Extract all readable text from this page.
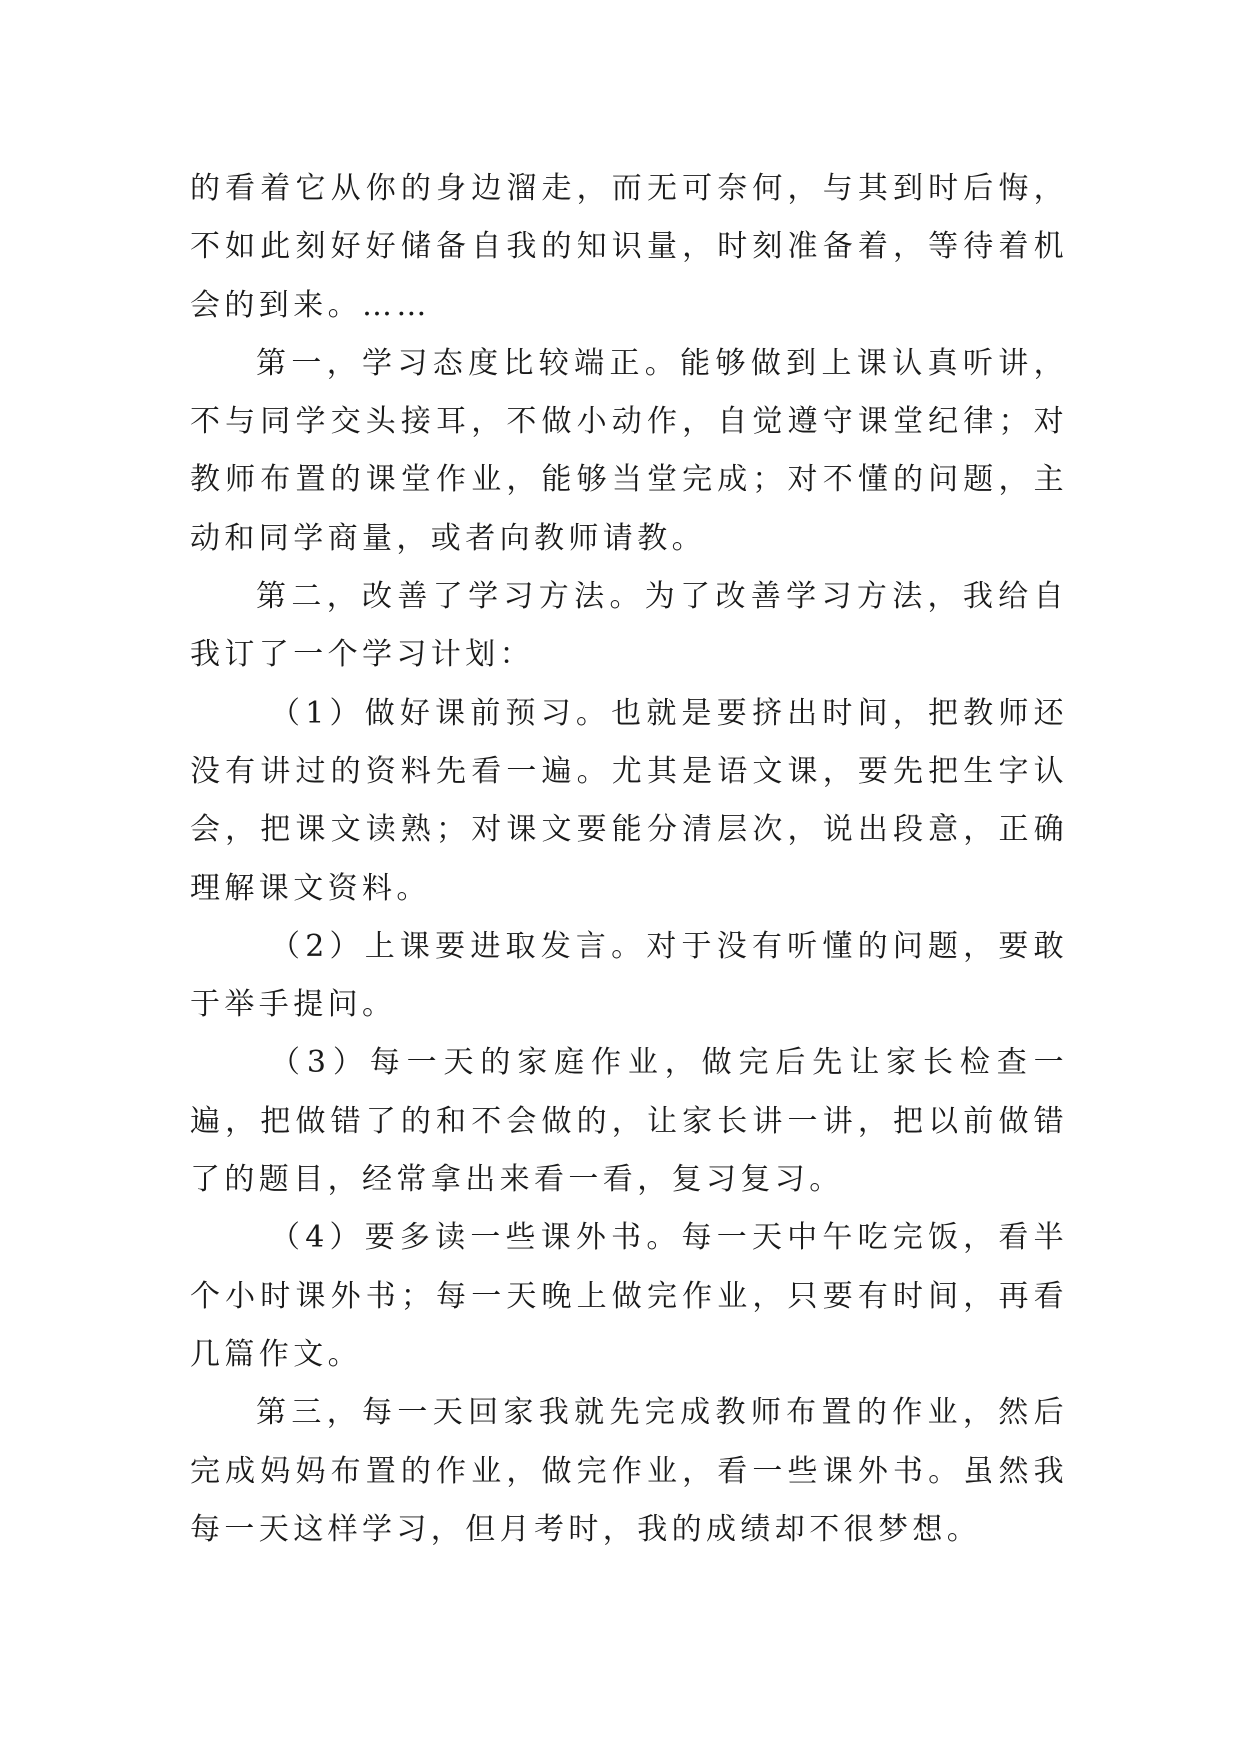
的看着它从你的身边溜走，而无可奈何，与其到时后悔，不如此刻好好储备自我的知识量，时刻准备着，等待着机会的到来。……

第一，学习态度比较端正。能够做到上课认真听讲，不与同学交头接耳，不做小动作，自觉遵守课堂纪律；对教师布置的课堂作业，能够当堂完成；对不懂的问题，主动和同学商量，或者向教师请教。

第二，改善了学习方法。为了改善学习方法，我给自我订了一个学习计划：

（1）做好课前预习。也就是要挤出时间，把教师还没有讲过的资料先看一遍。尤其是语文课，要先把生字认会，把课文读熟；对课文要能分清层次，说出段意，正确理解课文资料。

（2）上课要进取发言。对于没有听懂的问题，要敢于举手提问。

（3）每一天的家庭作业，做完后先让家长检查一遍，把做错了的和不会做的，让家长讲一讲，把以前做错了的题目，经常拿出来看一看，复习复习。

（4）要多读一些课外书。每一天中午吃完饭，看半个小时课外书；每一天晚上做完作业，只要有时间，再看几篇作文。

第三，每一天回家我就先完成教师布置的作业，然后完成妈妈布置的作业，做完作业，看一些课外书。虽然我每一天这样学习，但月考时，我的成绩却不很梦想。
